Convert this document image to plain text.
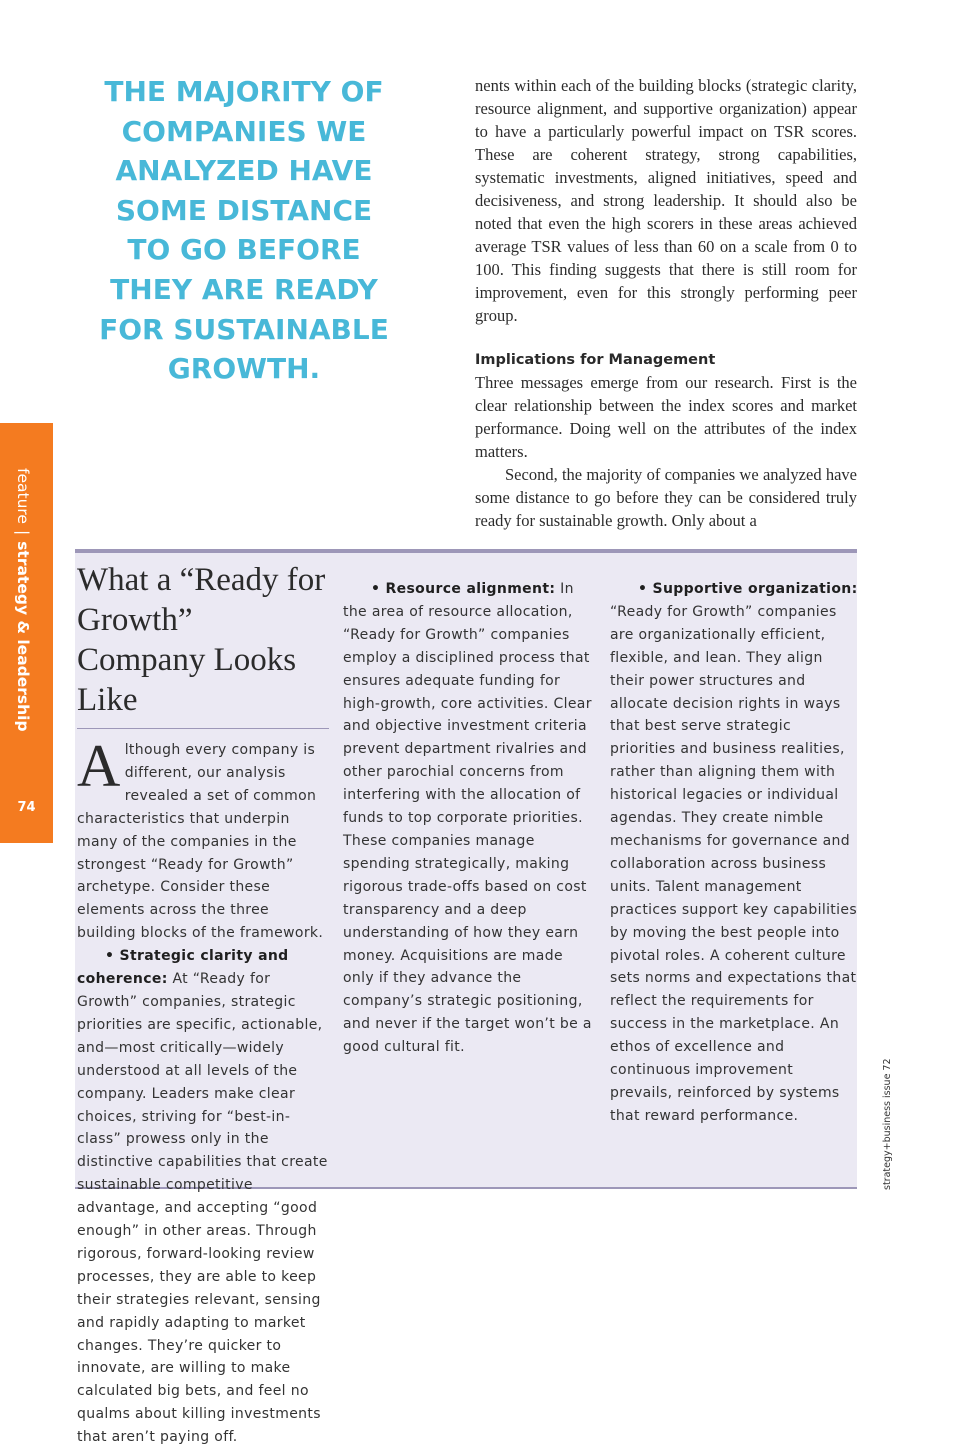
THE MAJORITY OF
COMPANIES WE
ANALYZED HAVE
SOME DISTANCE
TO GO BEFORE
THEY ARE READY
FOR SUSTAINABLE
GROWTH.

nents within each of the building blocks (strategic clarity, resource alignment, and supportive organization) appear to have a particularly powerful impact on TSR scores. These are coherent strategy, strong capabilities, systematic investments, aligned initiatives, speed and decisiveness, and strong leadership. It should also be noted that even the high scorers in these areas achieved average TSR values of less than 60 on a scale from 0 to 100. This finding suggests that there is still room for improvement, even for this strongly performing peer group.

Implications for Management

Three messages emerge from our research. First is the clear relationship between the index scores and market performance. Doing well on the attributes of the index matters.

Second, the majority of companies we analyzed have some distance to go before they can be considered truly ready for sustainable growth. Only about a

feature|strategy & leadership
74
What a “Ready for Growth” Company Looks Like

Although every company is different, our analysis revealed a set of common characteristics that underpin many of the companies in the strongest “Ready for Growth” archetype. Consider these elements across the three building blocks of the framework.

• Strategic clarity and coherence: At “Ready for Growth” companies, strategic priorities are specific, actionable, and—most critically—widely understood at all levels of the company. Leaders make clear choices, striving for “best-in-class” prowess only in the distinctive capabilities that create sustainable competitive advantage, and accepting “good enough” in other areas. Through rigorous, forward-looking review processes, they are able to keep their strategies relevant, sensing and rapidly adapting to market changes. They’re quicker to innovate, are willing to make calculated big bets, and feel no qualms about killing investments that aren’t paying off.

• Resource alignment: In the area of resource allocation, “Ready for Growth” companies employ a disciplined process that ensures adequate funding for high-growth, core activities. Clear and objective investment criteria prevent department rivalries and other parochial concerns from interfering with the allocation of funds to top corporate priorities. These companies manage spending strategically, making rigorous trade-offs based on cost transparency and a deep understanding of how they earn money. Acquisitions are made only if they advance the company’s strategic positioning, and never if the target won’t be a good cultural fit.

• Supportive organization: “Ready for Growth” companies are organizationally efficient, flexible, and lean. They align their power structures and allocate decision rights in ways that best serve strategic priorities and business realities, rather than aligning them with historical legacies or individual agendas. They create nimble mechanisms for governance and collaboration across business units. Talent management practices support key capabilities by moving the best people into pivotal roles. A coherent culture sets norms and expectations that reflect the requirements for success in the marketplace. An ethos of excellence and continuous improvement prevails, reinforced by systems that reward performance.	strategy+business issue 72
